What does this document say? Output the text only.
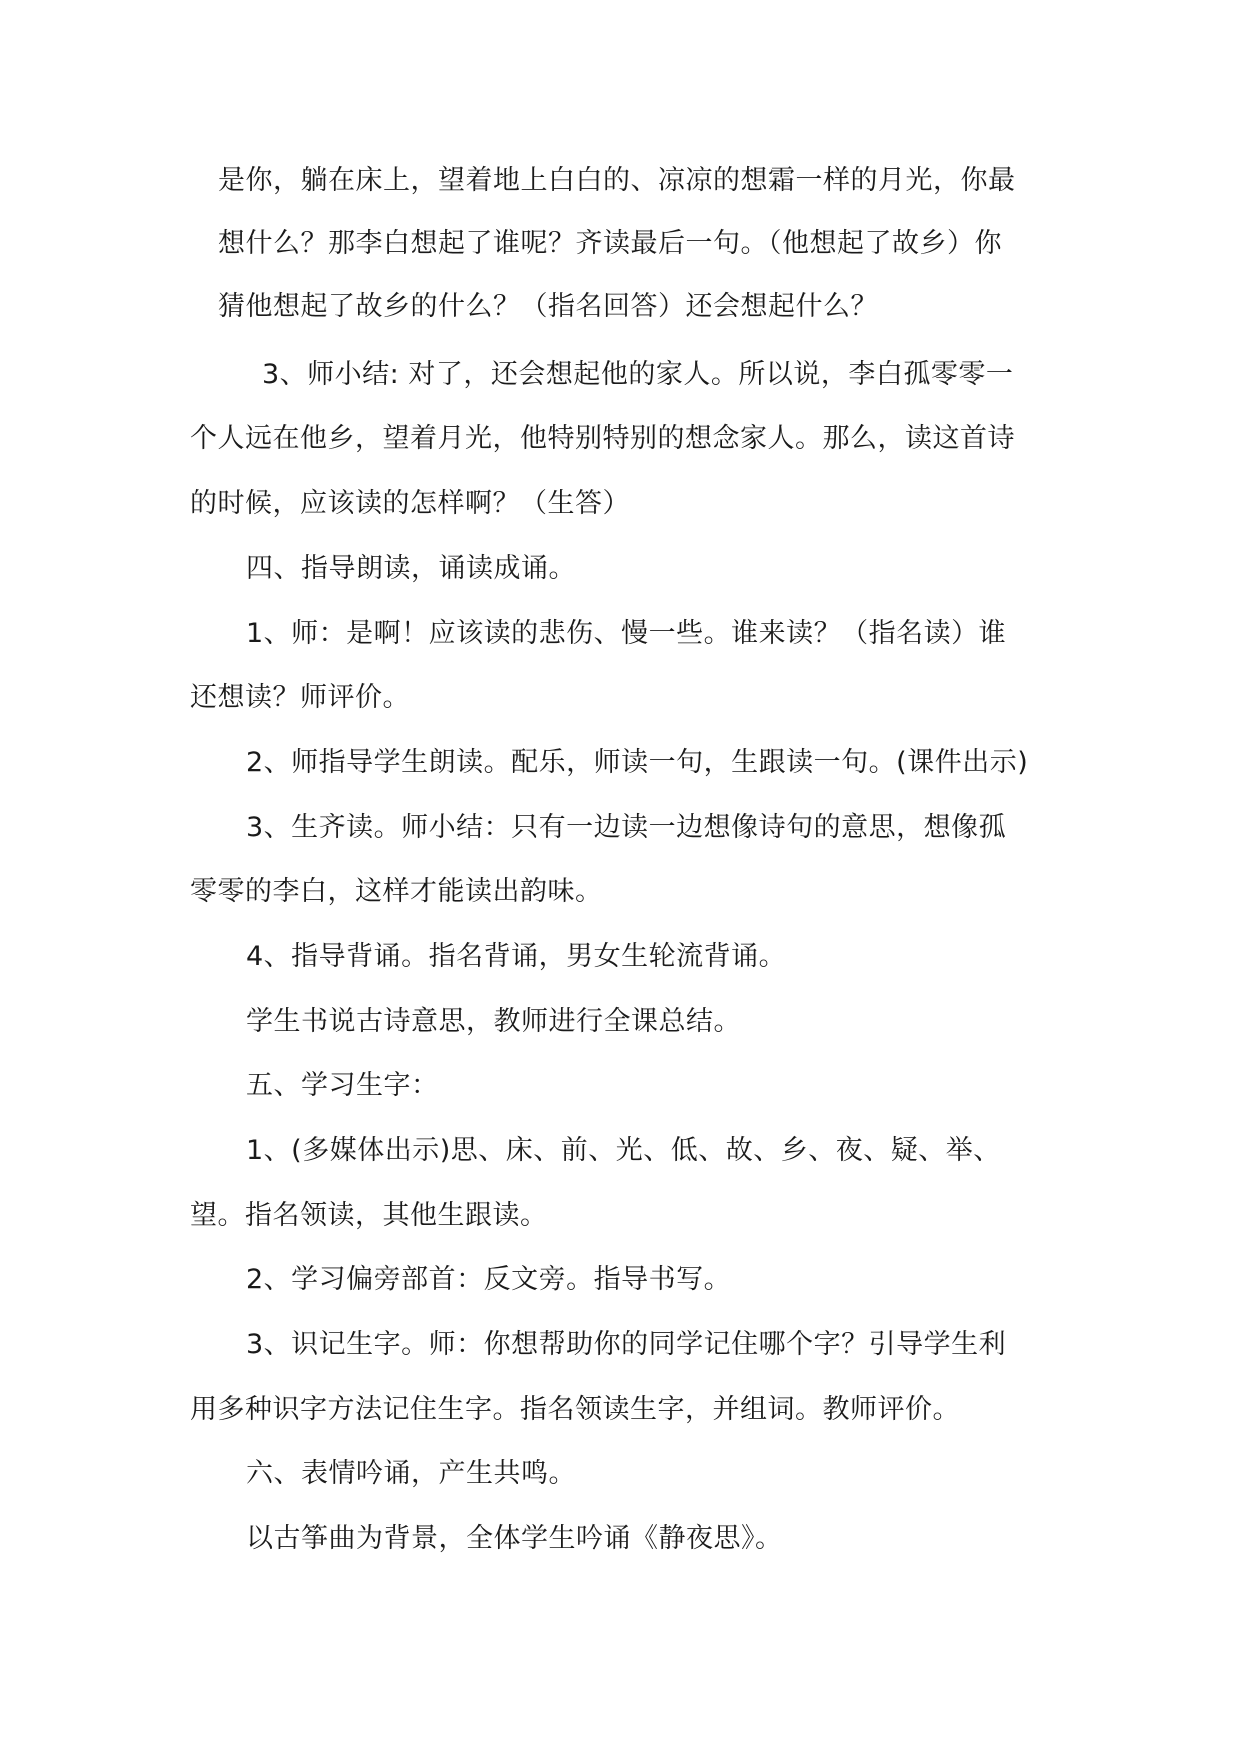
是你，躺在床上，望着地上白白的、凉凉的想霜一样的月光，你最
想什么？那李白想起了谁呢？齐读最后一句。（他想起了故乡）你
猜他想起了故乡的什么？（指名回答）还会想起什么？
3、师小结: 对了，还会想起他的家人。所以说，李白孤零零一
个人远在他乡，望着月光，他特别特别的想念家人。那么，读这首诗
的时候，应该读的怎样啊？（生答）
四、指导朗读，诵读成诵。
1、师：是啊！应该读的悲伤、慢一些。谁来读？（指名读）谁
还想读？师评价。
2、师指导学生朗读。配乐，师读一句，生跟读一句。(课件出示)
3、生齐读。师小结：只有一边读一边想像诗句的意思，想像孤
零零的李白，这样才能读出韵味。
4、指导背诵。指名背诵，男女生轮流背诵。
学生书说古诗意思，教师进行全课总结。
五、学习生字：
1、(多媒体出示)思、床、前、光、低、故、乡、夜、疑、举、
望。指名领读，其他生跟读。
2、学习偏旁部首：反文旁。指导书写。
3、识记生字。师：你想帮助你的同学记住哪个字？引导学生利
用多种识字方法记住生字。指名领读生字，并组词。教师评价。
六、表情吟诵，产生共鸣。
以古筝曲为背景，全体学生吟诵《静夜思》。
